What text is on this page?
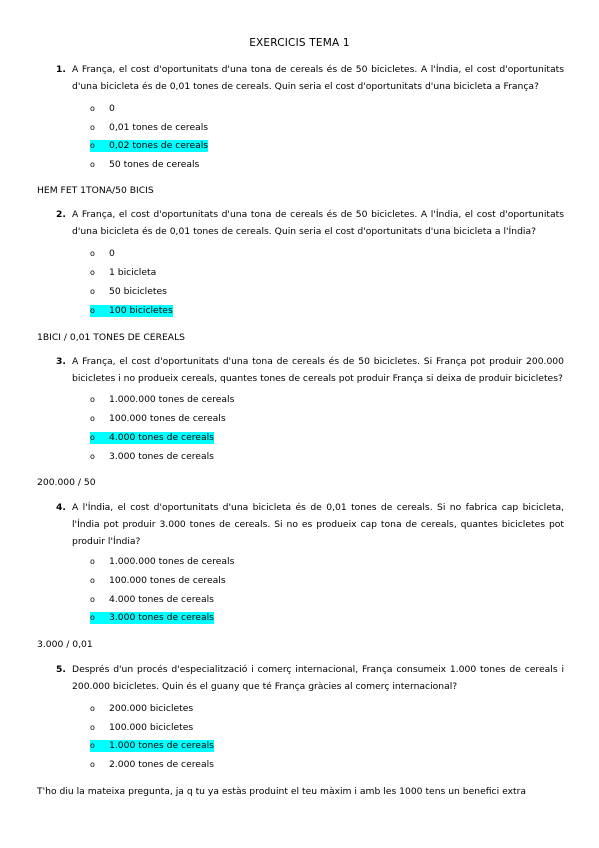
EXERCICIS TEMA 1
1. A França, el cost d'oportunitats d'una tona de cereals és de 50 bicicletes. A l'Índia, el cost d'oportunitats d'una bicicleta és de 0,01 tones de cereals. Quin seria el cost d'oportunitats d'una bicicleta a França?
o 0
o 0,01 tones de cereals
o 0,02 tones de cereals
o 50 tones de cereals
HEM FET 1TONA/50 BICIS
2. A França, el cost d'oportunitats d'una tona de cereals és de 50 bicicletes. A l'Índia, el cost d'oportunitats d'una bicicleta és de 0,01 tones de cereals. Quin seria el cost d'oportunitats d'una bicicleta a l'Índia?
o 0
o 1 bicicleta
o 50 bicicletes
o 100 bicicletes
1BICI / 0,01 TONES DE CEREALS
3. A França, el cost d'oportunitats d'una tona de cereals és de 50 bicicletes. Si França pot produir 200.000 bicicletes i no produeix cereals, quantes tones de cereals pot produir França si deixa de produir bicicletes?
o 1.000.000 tones de cereals
o 100.000 tones de cereals
o 4.000 tones de cereals
o 3.000 tones de cereals
200.000 / 50
4. A l'Índia, el cost d'oportunitats d'una bicicleta és de 0,01 tones de cereals. Si no fabrica cap bicicleta, l'Índia pot produir 3.000 tones de cereals. Si no es produeix cap tona de cereals, quantes bicicletes pot produir l'Índia?
o 1.000.000 tones de cereals
o 100.000 tones de cereals
o 4.000 tones de cereals
o 3.000 tones de cereals
3.000 / 0,01
5. Després d'un procés d'especialització i comerç internacional, França consumeix 1.000 tones de cereals i 200.000 bicicletes. Quin és el guany que té França gràcies al comerç internacional?
o 200.000 bicicletes
o 100.000 bicicletes
o 1.000 tones de cereals
o 2.000 tones de cereals
T'ho diu la mateixa pregunta, ja q tu ya estàs produint el teu màxim i amb les 1000 tens un benefici extra
